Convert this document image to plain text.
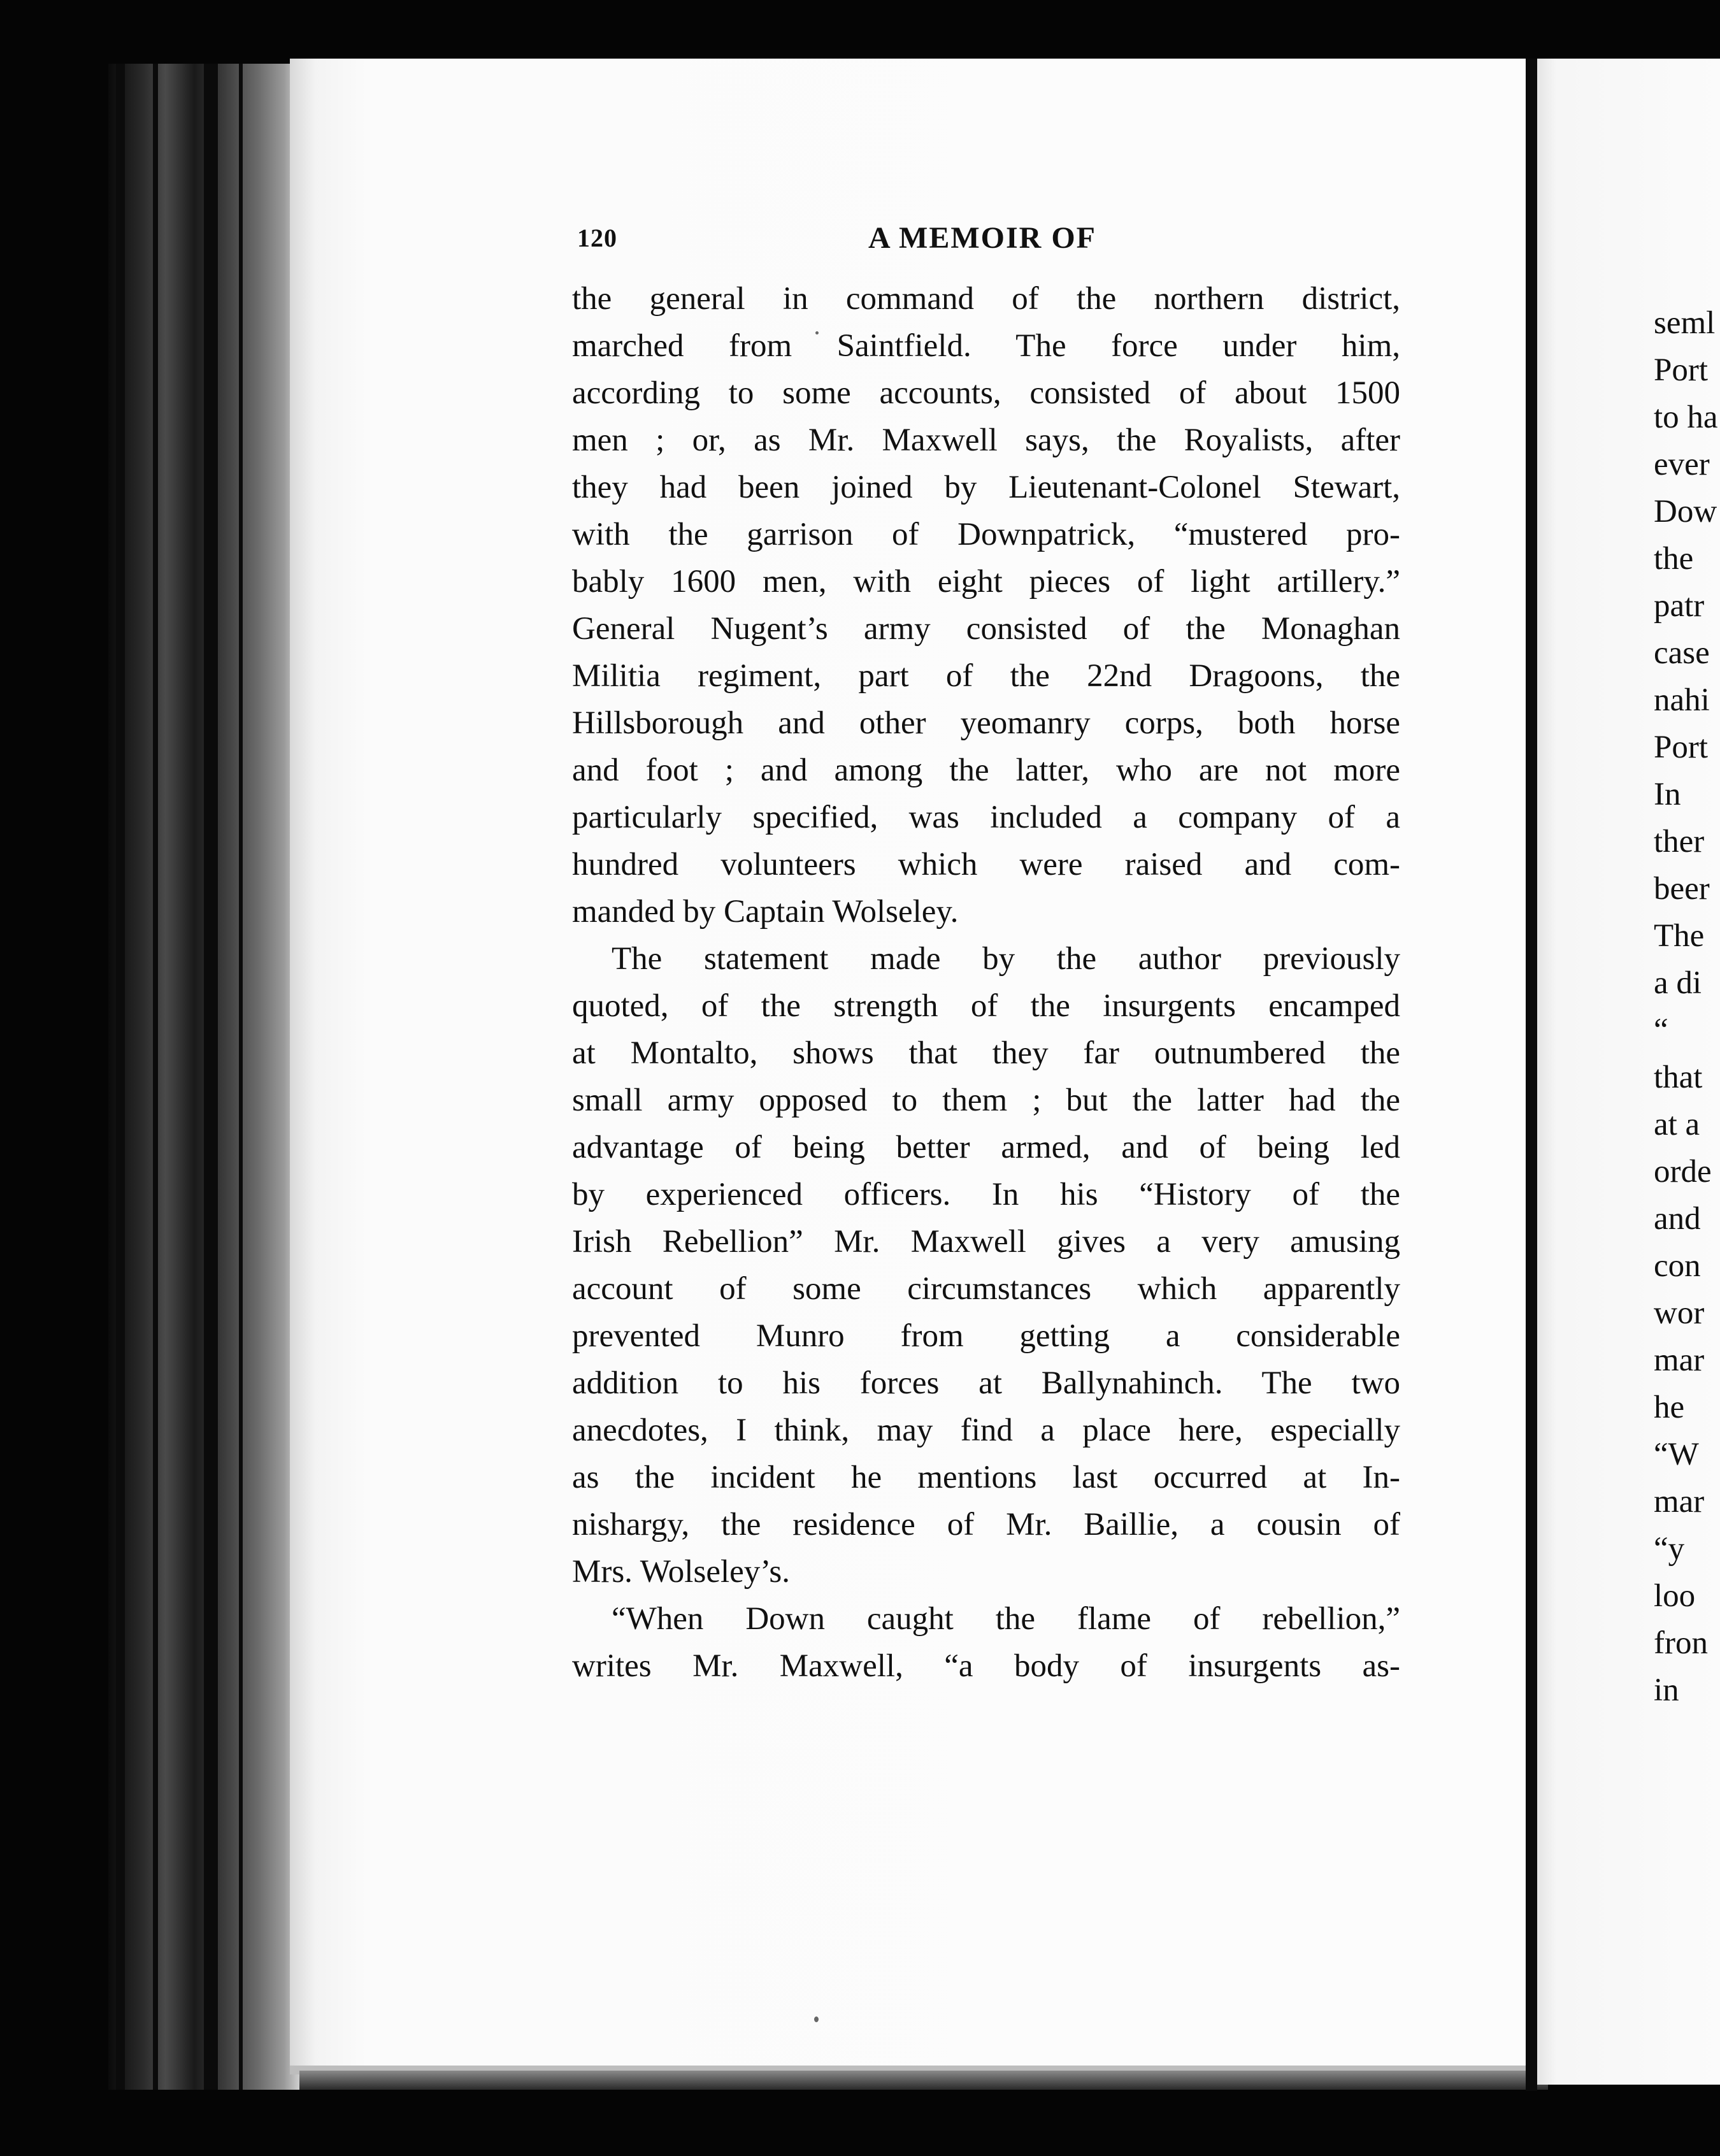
120	A MEMOIR OF
the general in command of the northern district,
marched from Saintfield. The force under him,
according to some accounts, consisted of about 1500
men ; or, as Mr. Maxwell says, the Royalists, after
they had been joined by Lieutenant-Colonel Stewart,
with the garrison of Downpatrick, “mustered pro-
bably 1600 men, with eight pieces of light artillery.”
General Nugent’s army consisted of the Monaghan
Militia regiment, part of the 22nd Dragoons, the
Hillsborough and other yeomanry corps, both horse
and foot ; and among the latter, who are not more
particularly specified, was included a company of a
hundred volunteers which were raised and com-
manded by Captain Wolseley.
The statement made by the author previously
quoted, of the strength of the insurgents encamped
at Montalto, shows that they far outnumbered the
small army opposed to them ; but the latter had the
advantage of being better armed, and of being led
by experienced officers. In his “History of the
Irish Rebellion” Mr. Maxwell gives a very amusing
account of some circumstances which apparently
prevented Munro from getting a considerable
addition to his forces at Ballynahinch. The two
anecdotes, I think, may find a place here, especially
as the incident he mentions last occurred at In-
nishargy, the residence of Mr. Baillie, a cousin of
Mrs. Wolseley’s.
“When Down caught the flame of rebellion,”
writes Mr. Maxwell, “a body of insurgents as-
seml
Port
to ha
ever
Dow
the
patr
case
nahi
Port
In
ther
beer
The
a di
“
that
at a
orde
and
con
wor
mar
he
“W
mar
“y
loo
fron
in
